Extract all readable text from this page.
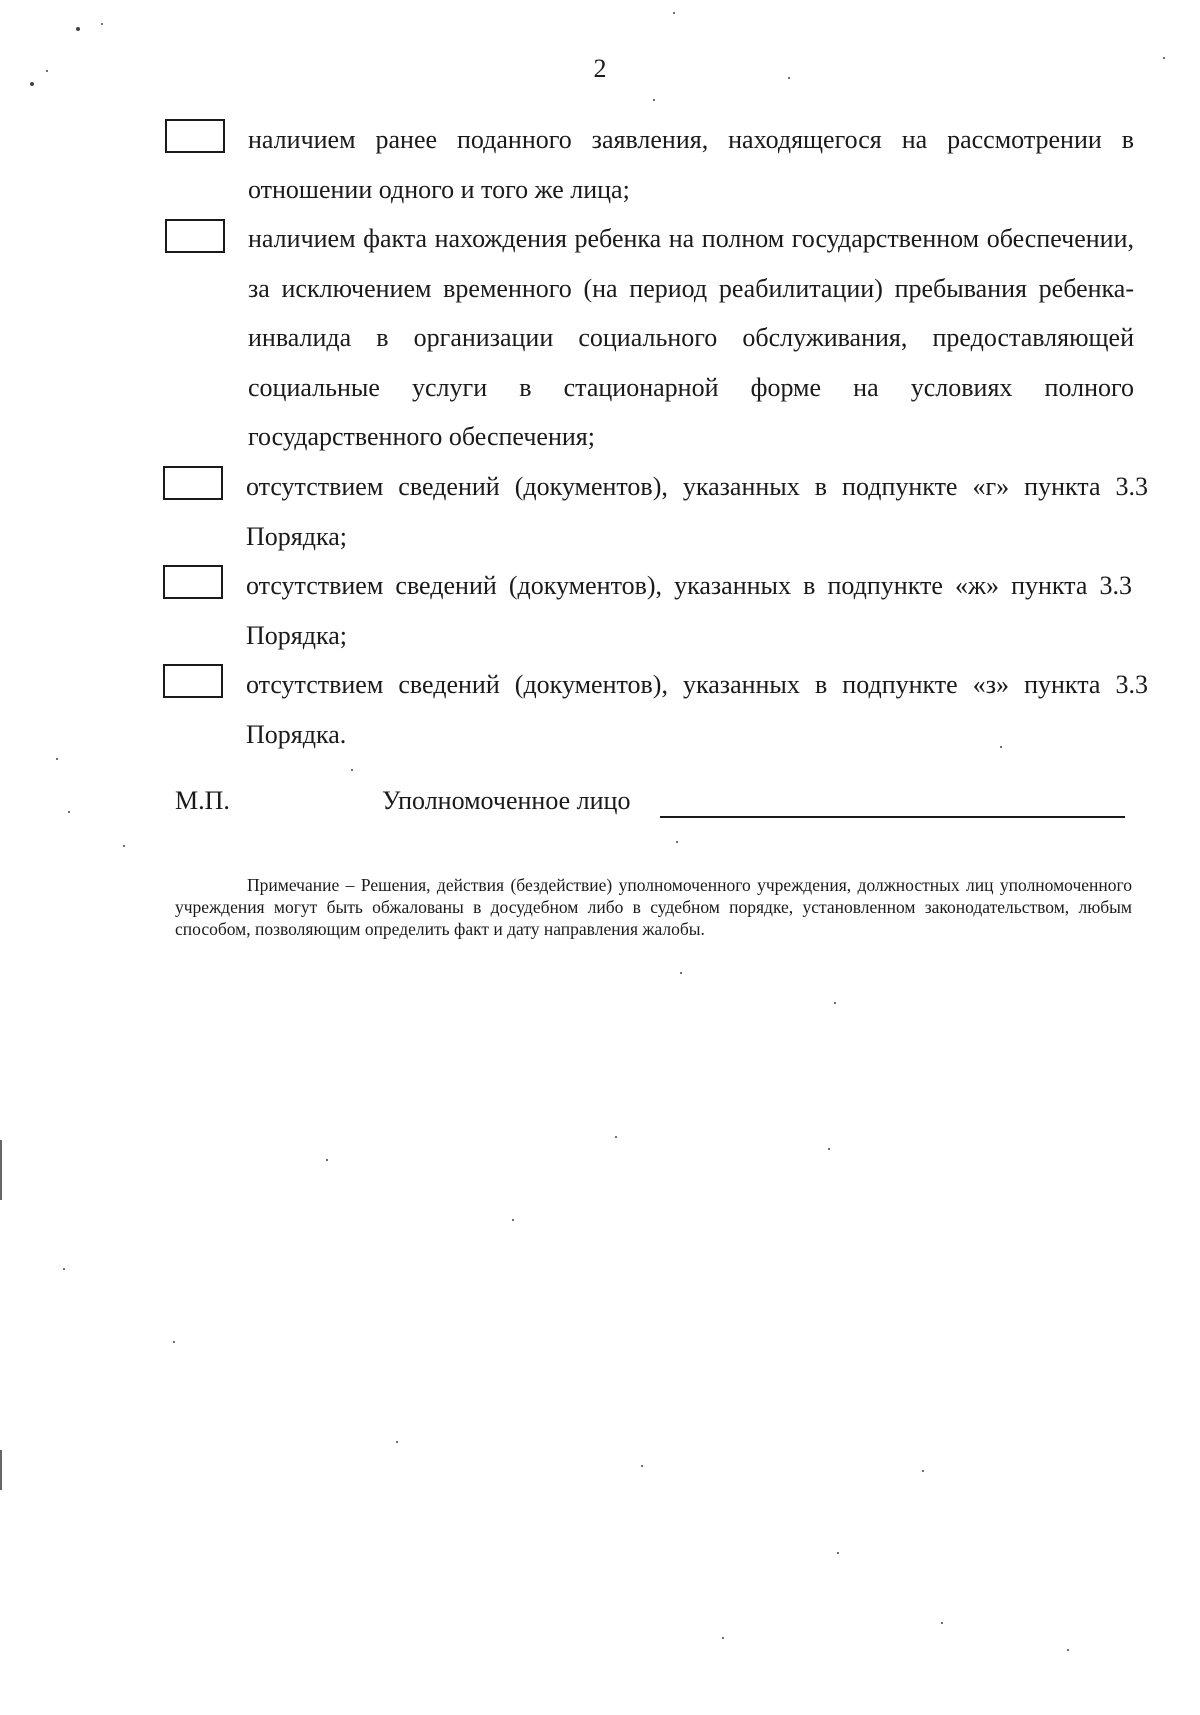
2
наличием ранее поданного заявления, находящегося на рассмотрении в отношении одного и того же лица;
наличием факта нахождения ребенка на полном государственном обеспечении, за исключением временного (на период реабилитации) пребывания ребенка-инвалида в организации социального обслуживания, предоставляющей социальные услуги в стационарной форме на условиях полного государственного обеспечения;
отсутствием сведений (документов), указанных в подпункте «г» пункта 3.3 Порядка;
отсутствием сведений (документов), указанных в подпункте «ж» пункта 3.3 Порядка;
отсутствием сведений (документов), указанных в подпункте «з» пункта 3.3 Порядка.
М.П.	Уполномоченное лицо
Примечание – Решения, действия (бездействие) уполномоченного учреждения, должностных лиц уполномоченного учреждения могут быть обжалованы в досудебном либо в судебном порядке, установленном законодательством, любым способом, позволяющим определить факт и дату направления жалобы.
